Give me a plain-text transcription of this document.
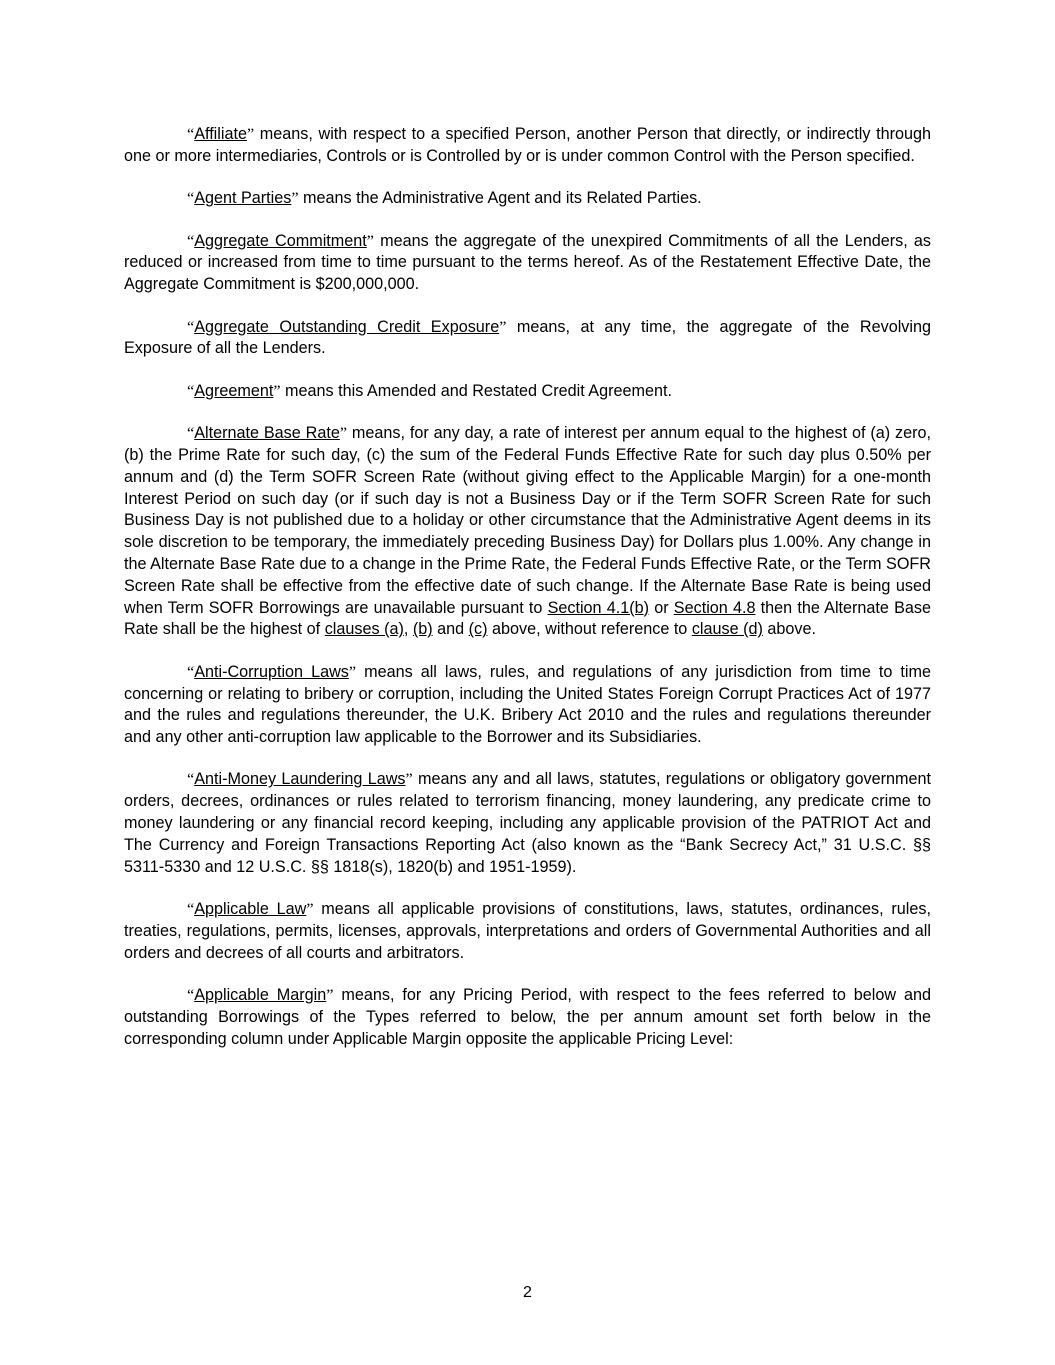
“Affiliate” means, with respect to a specified Person, another Person that directly, or indirectly through one or more intermediaries, Controls or is Controlled by or is under common Control with the Person specified.

“Agent Parties” means the Administrative Agent and its Related Parties.

“Aggregate Commitment” means the aggregate of the unexpired Commitments of all the Lenders, as reduced or increased from time to time pursuant to the terms hereof. As of the Restatement Effective Date, the Aggregate Commitment is $200,000,000.

“Aggregate Outstanding Credit Exposure” means, at any time, the aggregate of the Revolving Exposure of all the Lenders.

“Agreement” means this Amended and Restated Credit Agreement.

“Alternate Base Rate” means, for any day, a rate of interest per annum equal to the highest of (a) zero, (b) the Prime Rate for such day, (c) the sum of the Federal Funds Effective Rate for such day plus 0.50% per annum and (d) the Term SOFR Screen Rate (without giving effect to the Applicable Margin) for a one-month Interest Period on such day (or if such day is not a Business Day or if the Term SOFR Screen Rate for such Business Day is not published due to a holiday or other circumstance that the Administrative Agent deems in its sole discretion to be temporary, the immediately preceding Business Day) for Dollars plus 1.00%. Any change in the Alternate Base Rate due to a change in the Prime Rate, the Federal Funds Effective Rate, or the Term SOFR Screen Rate shall be effective from the effective date of such change. If the Alternate Base Rate is being used when Term SOFR Borrowings are unavailable pursuant to Section 4.1(b) or Section 4.8 then the Alternate Base Rate shall be the highest of clauses (a), (b) and (c) above, without reference to clause (d) above.

“Anti-Corruption Laws” means all laws, rules, and regulations of any jurisdiction from time to time concerning or relating to bribery or corruption, including the United States Foreign Corrupt Practices Act of 1977 and the rules and regulations thereunder, the U.K. Bribery Act 2010 and the rules and regulations thereunder and any other anti-corruption law applicable to the Borrower and its Subsidiaries.

“Anti-Money Laundering Laws” means any and all laws, statutes, regulations or obligatory government orders, decrees, ordinances or rules related to terrorism financing, money laundering, any predicate crime to money laundering or any financial record keeping, including any applicable provision of the PATRIOT Act and The Currency and Foreign Transactions Reporting Act (also known as the “Bank Secrecy Act,” 31 U.S.C. §§ 5311-5330 and 12 U.S.C. §§ 1818(s), 1820(b) and 1951-1959).

“Applicable Law” means all applicable provisions of constitutions, laws, statutes, ordinances, rules, treaties, regulations, permits, licenses, approvals, interpretations and orders of Governmental Authorities and all orders and decrees of all courts and arbitrators.

“Applicable Margin” means, for any Pricing Period, with respect to the fees referred to below and outstanding Borrowings of the Types referred to below, the per annum amount set forth below in the corresponding column under Applicable Margin opposite the applicable Pricing Level:

2
